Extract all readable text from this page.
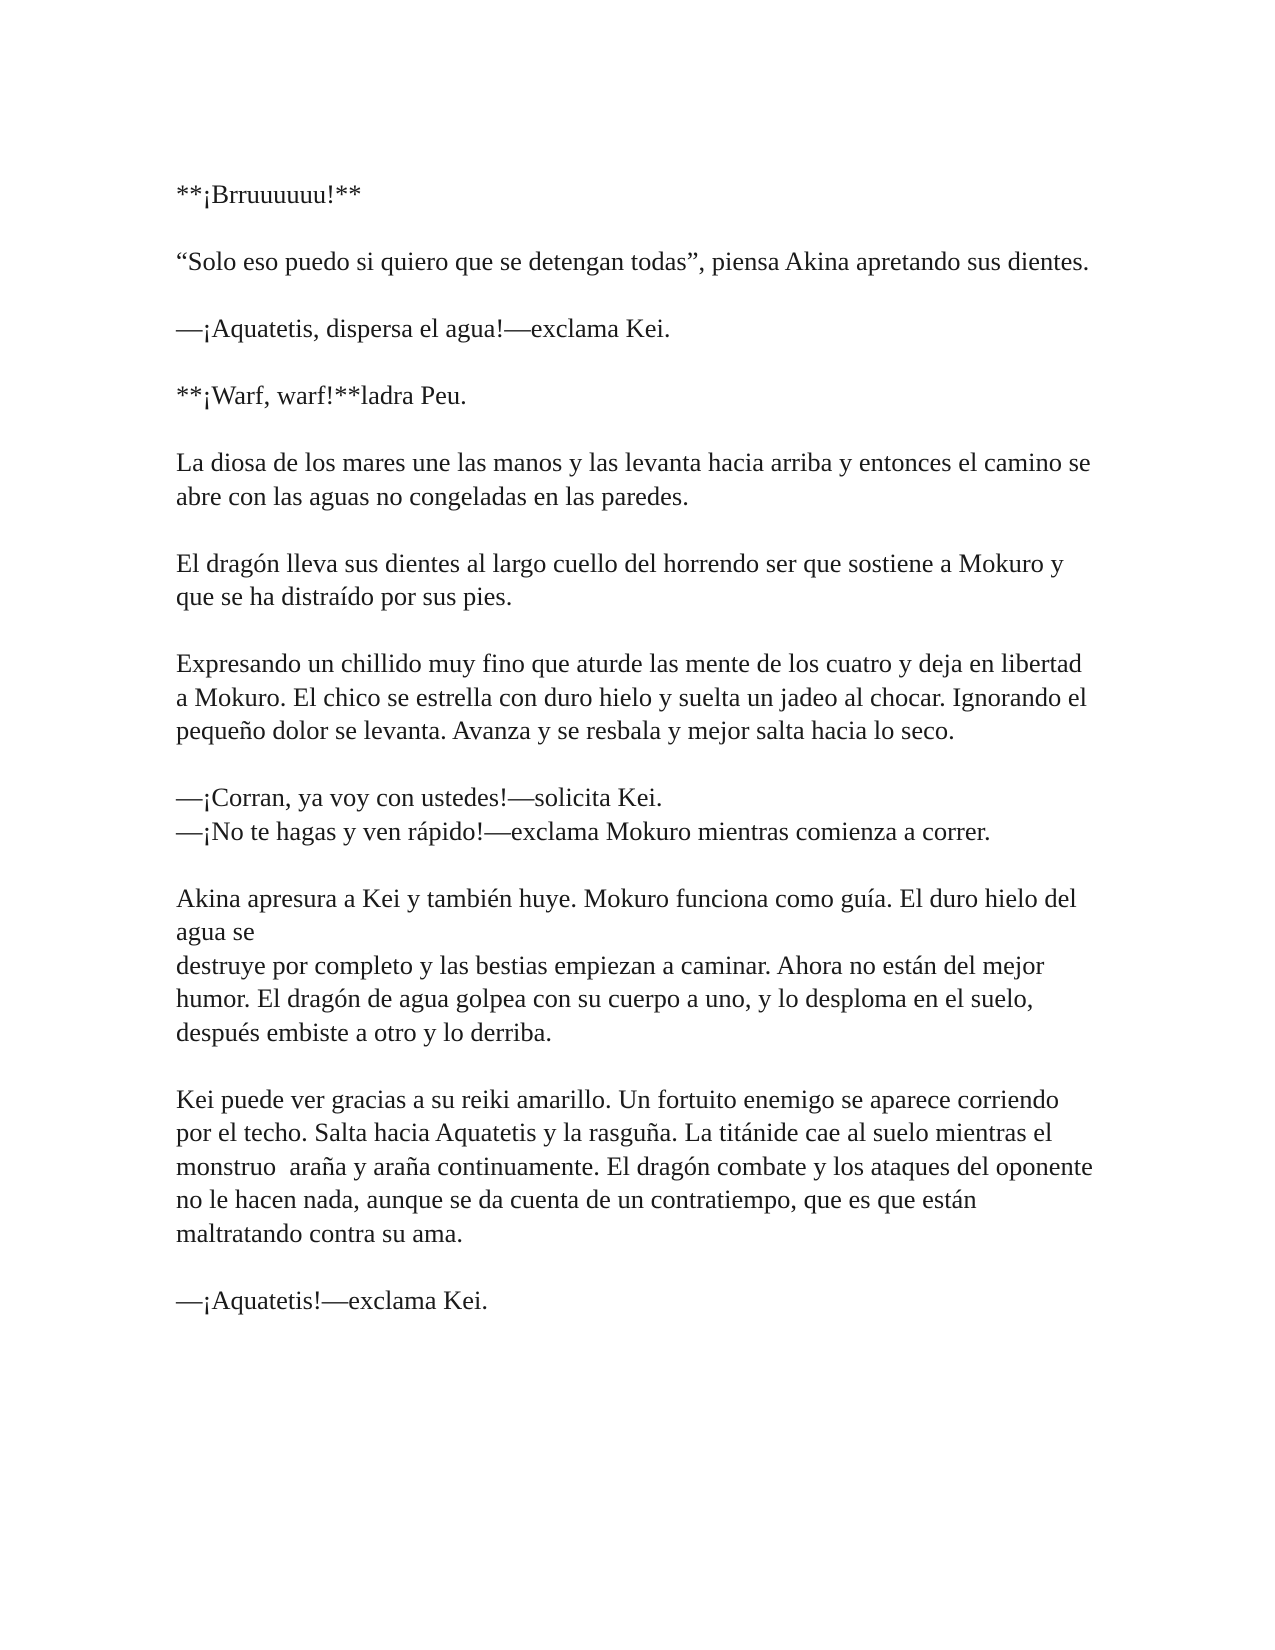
**¡Brruuuuuu!**

“Solo eso puedo si quiero que se detengan todas”, piensa Akina apretando sus dientes.

—¡Aquatetis, dispersa el agua!—exclama Kei.

**¡Warf, warf!**ladra Peu.

La diosa de los mares une las manos y las levanta hacia arriba y entonces el camino se abre con las aguas no congeladas en las paredes.

El dragón lleva sus dientes al largo cuello del horrendo ser que sostiene a Mokuro y que se ha distraído por sus pies.

Expresando un chillido muy fino que aturde las mente de los cuatro y deja en libertad a Mokuro. El chico se estrella con duro hielo y suelta un jadeo al chocar. Ignorando el pequeño dolor se levanta. Avanza y se resbala y mejor salta hacia lo seco.

—¡Corran, ya voy con ustedes!—solicita Kei.

—¡No te hagas y ven rápido!—exclama Mokuro mientras comienza a correr.

Akina apresura a Kei y también huye. Mokuro funciona como guía. El duro hielo del agua se

destruye por completo y las bestias empiezan a caminar. Ahora no están del mejor humor. El dragón de agua golpea con su cuerpo a uno, y lo desploma en el suelo, después embiste a otro y lo derriba.

Kei puede ver gracias a su reiki amarillo. Un fortuito enemigo se aparece corriendo por el techo. Salta hacia Aquatetis y la rasguña. La titánide cae al suelo mientras el monstruo  araña y araña continuamente. El dragón combate y los ataques del oponente no le hacen nada, aunque se da cuenta de un contratiempo, que es que están maltratando contra su ama.

—¡Aquatetis!—exclama Kei.
